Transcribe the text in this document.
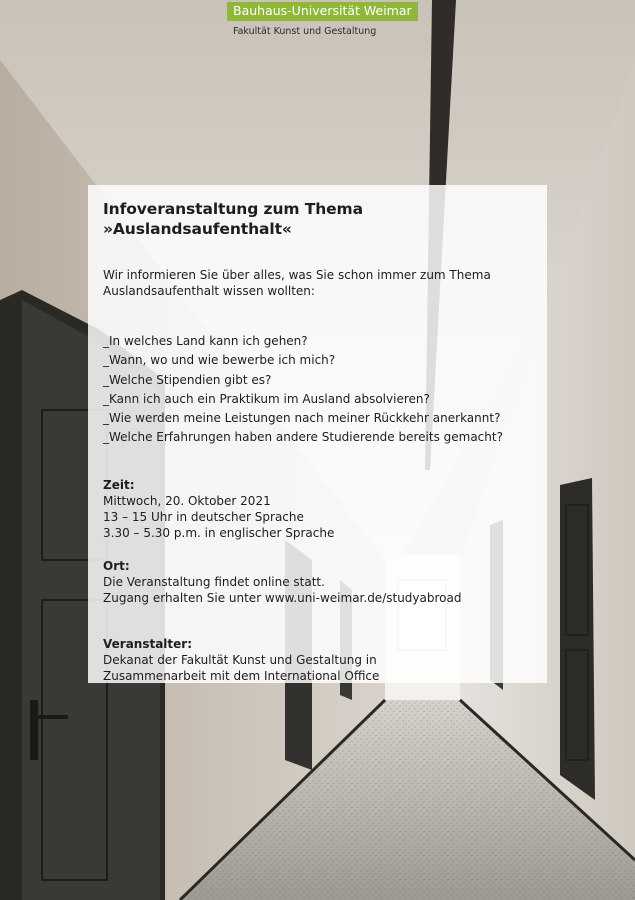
Bauhaus-Universität Weimar
Fakultät Kunst und Gestaltung
Infoveranstaltung zum Thema »Auslandsaufenthalt«
Wir informieren Sie über alles, was Sie schon immer zum Thema
Auslandsaufenthalt wissen wollten:
_In welches Land kann ich gehen?
_Wann, wo und wie bewerbe ich mich?
_Welche Stipendien gibt es?
_Kann ich auch ein Praktikum im Ausland absolvieren?
_Wie werden meine Leistungen nach meiner Rückkehr anerkannt?
_Welche Erfahrungen haben andere Studierende bereits gemacht?
Zeit:
Mittwoch, 20. Oktober 2021
13 – 15 Uhr in deutscher Sprache
3.30 – 5.30 p.m. in englischer Sprache
Ort:
Die Veranstaltung findet online statt.
Zugang erhalten Sie unter www.uni-weimar.de/studyabroad
Veranstalter:
Dekanat der Fakultät Kunst und Gestaltung in
Zusammenarbeit mit dem International Office
